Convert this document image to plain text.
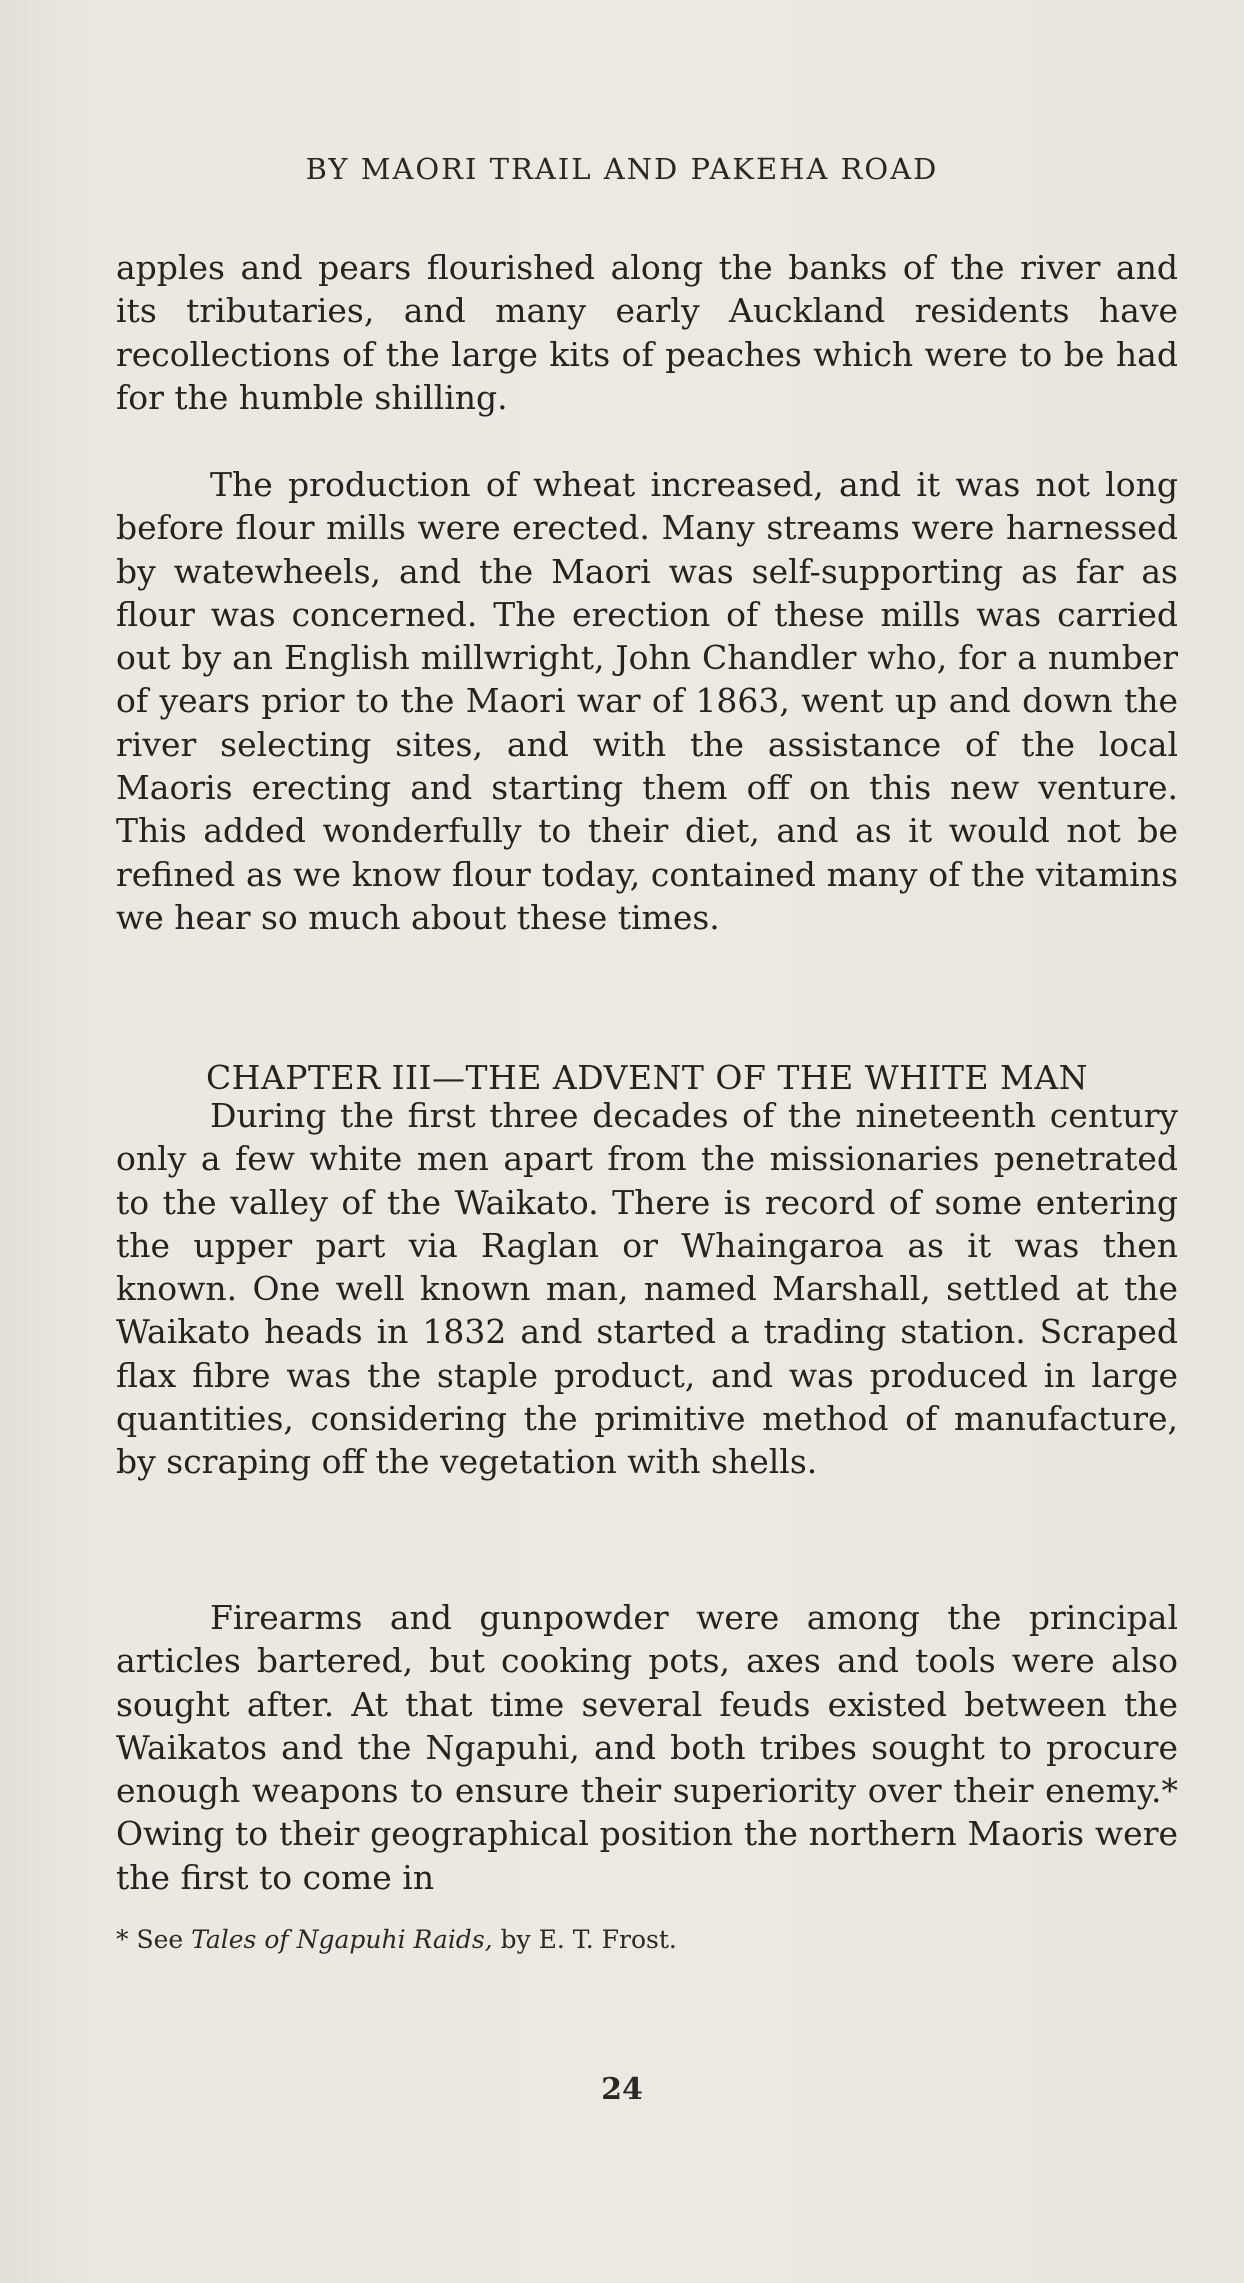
BY MAORI TRAIL AND PAKEHA ROAD

apples and pears flourished along the banks of the river and its tributaries, and many early Auckland residents have recollections of the large kits of peaches which were to be had for the humble shilling.

The production of wheat increased, and it was not long before flour mills were erected. Many streams were harnessed by watewheels, and the Maori was self-supporting as far as flour was concerned. The erection of these mills was carried out by an English millwright, John Chandler who, for a number of years prior to the Maori war of 1863, went up and down the river selecting sites, and with the assistance of the local Maoris erecting and starting them off on this new venture. This added wonderfully to their diet, and as it would not be refined as we know flour today, contained many of the vitamins we hear so much about these times.

CHAPTER III—THE ADVENT OF THE WHITE MAN

During the first three decades of the nineteenth century only a few white men apart from the missionaries penetrated to the valley of the Waikato. There is record of some entering the upper part via Raglan or Whaingaroa as it was then known. One well known man, named Marshall, settled at the Waikato heads in 1832 and started a trading station. Scraped flax fibre was the staple product, and was produced in large quantities, considering the primitive method of manufacture, by scraping off the vegetation with shells.

Firearms and gunpowder were among the principal articles bartered, but cooking pots, axes and tools were also sought after. At that time several feuds existed between the Waikatos and the Ngapuhi, and both tribes sought to procure enough weapons to ensure their superiority over their enemy.* Owing to their geographical position the northern Maoris were the first to come in

* See Tales of Ngapuhi Raids, by E. T. Frost.
24
